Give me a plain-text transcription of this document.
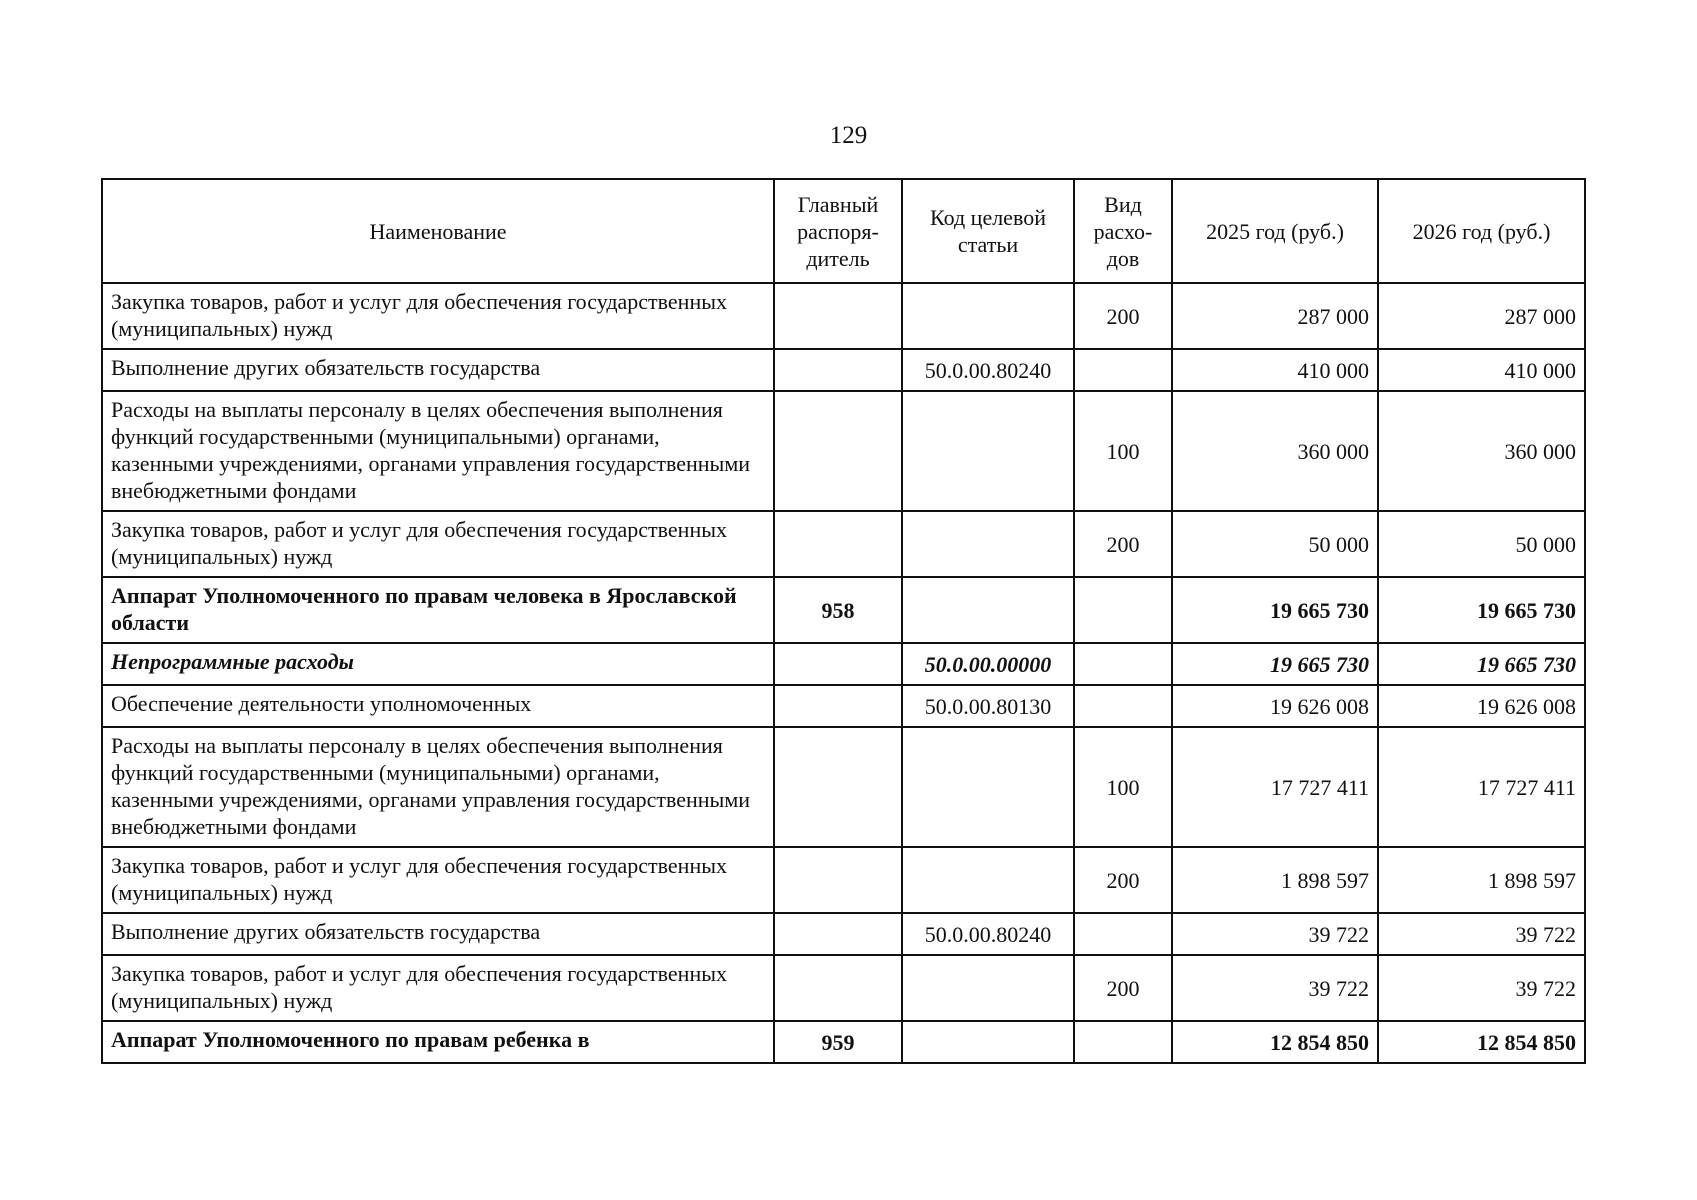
129
Наименование	Главный распоря-дитель	Код целевой статьи	Вид расхо-дов	2025 год (руб.)	2026 год (руб.)
Закупка товаров, работ и услуг для обеспечения государственных (муниципальных) нужд			200	287 000	287 000
Выполнение других обязательств государства		50.0.00.80240		410 000	410 000
Расходы на выплаты персоналу в целях обеспечения выполнения функций государственными (муниципальными) органами, казенными учреждениями, органами управления государственными внебюджетными фондами			100	360 000	360 000
Закупка товаров, работ и услуг для обеспечения государственных (муниципальных) нужд			200	50 000	50 000
Аппарат Уполномоченного по правам человека в Ярославской области	958			19 665 730	19 665 730
Непрограммные расходы		50.0.00.00000		19 665 730	19 665 730
Обеспечение деятельности уполномоченных		50.0.00.80130		19 626 008	19 626 008
Расходы на выплаты персоналу в целях обеспечения выполнения функций государственными (муниципальными) органами, казенными учреждениями, органами управления государственными внебюджетными фондами			100	17 727 411	17 727 411
Закупка товаров, работ и услуг для обеспечения государственных (муниципальных) нужд			200	1 898 597	1 898 597
Выполнение других обязательств государства		50.0.00.80240		39 722	39 722
Закупка товаров, работ и услуг для обеспечения государственных (муниципальных) нужд			200	39 722	39 722
Аппарат Уполномоченного по правам ребенка в	959			12 854 850	12 854 850
